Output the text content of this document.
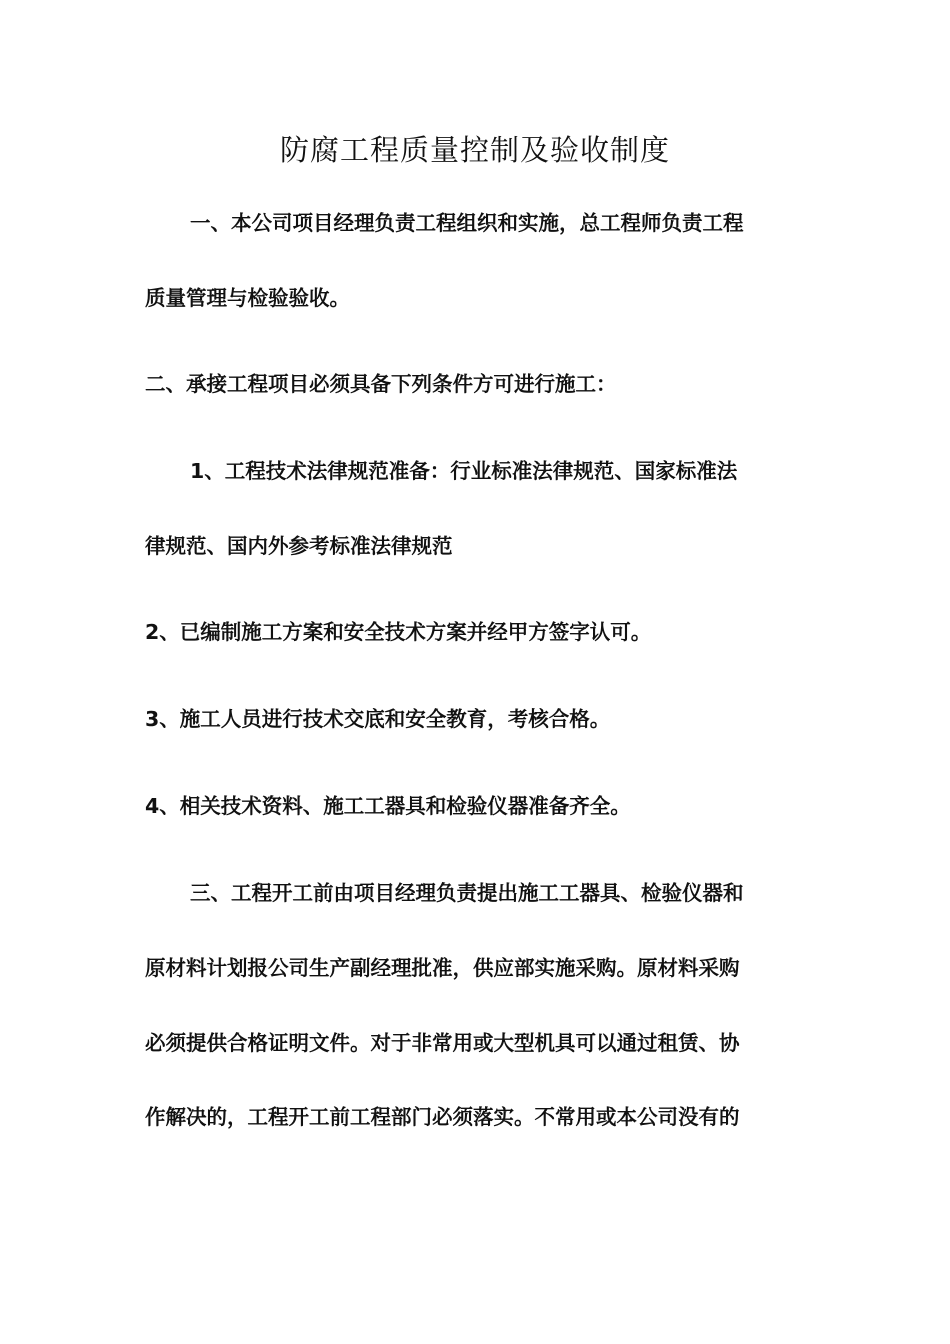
防腐工程质量控制及验收制度

一、本公司项目经理负责工程组织和实施，总工程师负责工程

质量管理与检验验收。

二、承接工程项目必须具备下列条件方可进行施工：

1、工程技术法律规范准备：行业标准法律规范、国家标准法

律规范、国内外参考标准法律规范

2、已编制施工方案和安全技术方案并经甲方签字认可。

3、施工人员进行技术交底和安全教育，考核合格。

4、相关技术资料、施工工器具和检验仪器准备齐全。

三、工程开工前由项目经理负责提出施工工器具、检验仪器和

原材料计划报公司生产副经理批准，供应部实施采购。原材料采购

必须提供合格证明文件。对于非常用或大型机具可以通过租赁、协

作解决的，工程开工前工程部门必须落实。不常用或本公司没有的
